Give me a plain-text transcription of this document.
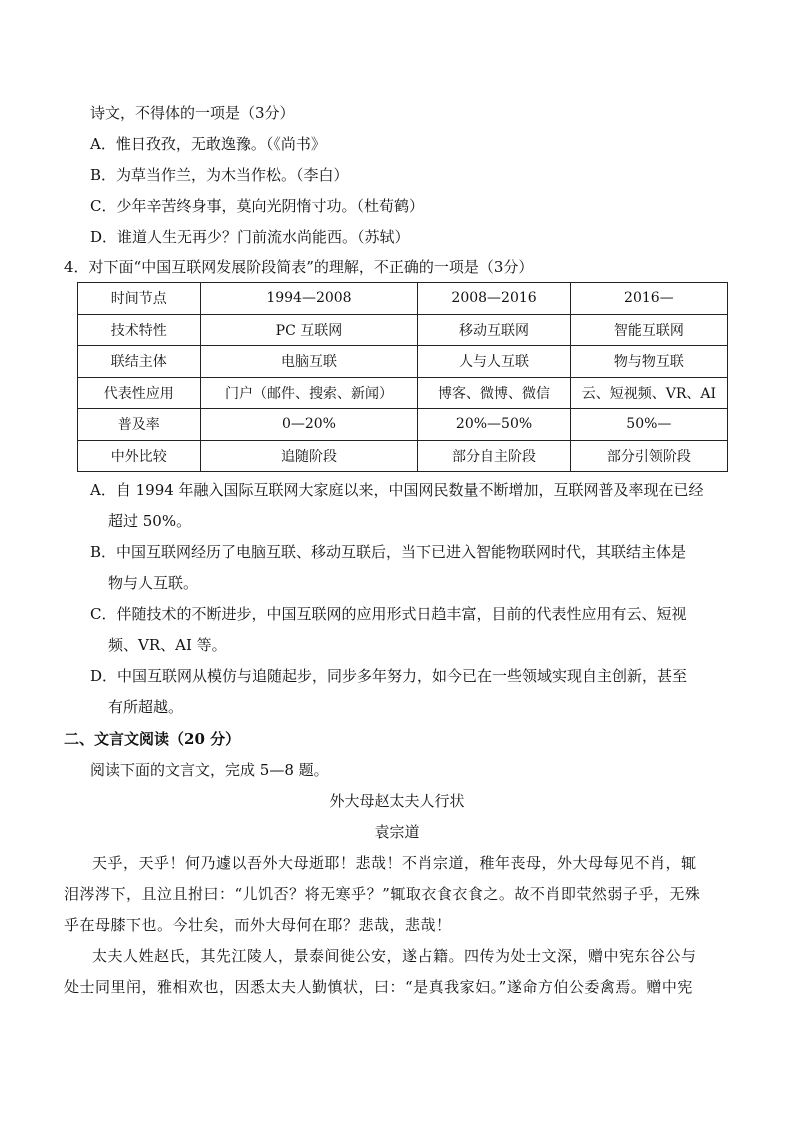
诗文，不得体的一项是（3分）
A．惟日孜孜，无敢逸豫。（《尚书》
B．为草当作兰，为木当作松。（李白）
C．少年辛苦终身事，莫向光阴惰寸功。（杜荀鹤）
D．谁道人生无再少？门前流水尚能西。（苏轼）
4．对下面“中国互联网发展阶段简表”的理解，不正确的一项是（3分）
时间节点	1994—2008	2008—2016	2016—
技术特性	PC 互联网	移动互联网	智能互联网
联结主体	电脑互联	人与人互联	物与物互联
代表性应用	门户（邮件、搜索、新闻）	博客、微博、微信	云、短视频、VR、AI
普及率	0—20%	20%—50%	50%—
中外比较	追随阶段	部分自主阶段	部分引领阶段
A．自 1994 年融入国际互联网大家庭以来，中国网民数量不断增加，互联网普及率现在已经
超过 50%。
B．中国互联网经历了电脑互联、移动互联后，当下已进入智能物联网时代，其联结主体是
物与人互联。
C．伴随技术的不断进步，中国互联网的应用形式日趋丰富，目前的代表性应用有云、短视
频、VR、AI 等。
D．中国互联网从模仿与追随起步，同步多年努力，如今已在一些领域实现自主创新，甚至
有所超越。
二、文言文阅读（20 分）
阅读下面的文言文，完成 5—8 题。
外大母赵太夫人行状
袁宗道
天乎，天乎！何乃遽以吾外大母逝耶！悲哉！不肖宗道，稚年丧母，外大母每见不肖，辄
泪涔涔下，且泣且拊曰：“儿饥否？将无寒乎？”辄取衣食衣食之。故不肖即茕然弱子乎，无殊
乎在母膝下也。今壮矣，而外大母何在耶？悲哉，悲哉！
太夫人姓赵氏，其先江陵人，景泰间徙公安，遂占籍。四传为处士文深，赠中宪东谷公与
处士同里闬，雅相欢也，因悉太夫人勤慎状，曰：“是真我家妇。”遂命方伯公委禽焉。赠中宪
